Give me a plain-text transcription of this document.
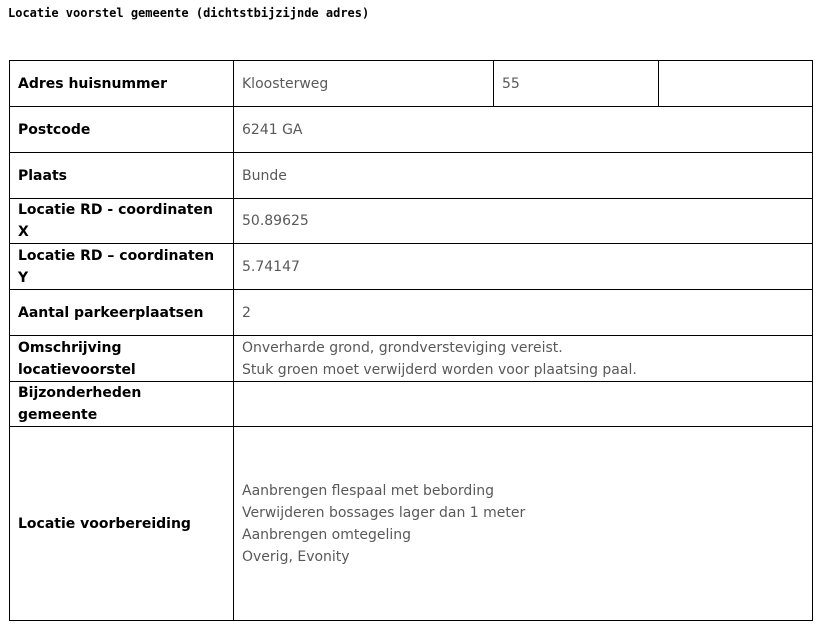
Locatie voorstel gemeente (dichtstbijzijnde adres)
Adres huisnummer	Kloosterweg	55	
Postcode	6241 GA		
Plaats	Bunde		
Locatie RD - coordinaten X	50.89625		
Locatie RD – coordinaten Y	5.74147		
Aantal parkeerplaatsen	2		

Omschrijving
locatievoorstel	Onverharde grond, grondversteviging vereist.
Stuk groen moet verwijderd worden voor plaatsing paal.		

Bijzonderheden gemeente			
Locatie voorbereiding	Aanbrengen flespaal met bebording
Verwijderen bossages lager dan 1 meter
Aanbrengen omtegeling
Overig, Evonity		
